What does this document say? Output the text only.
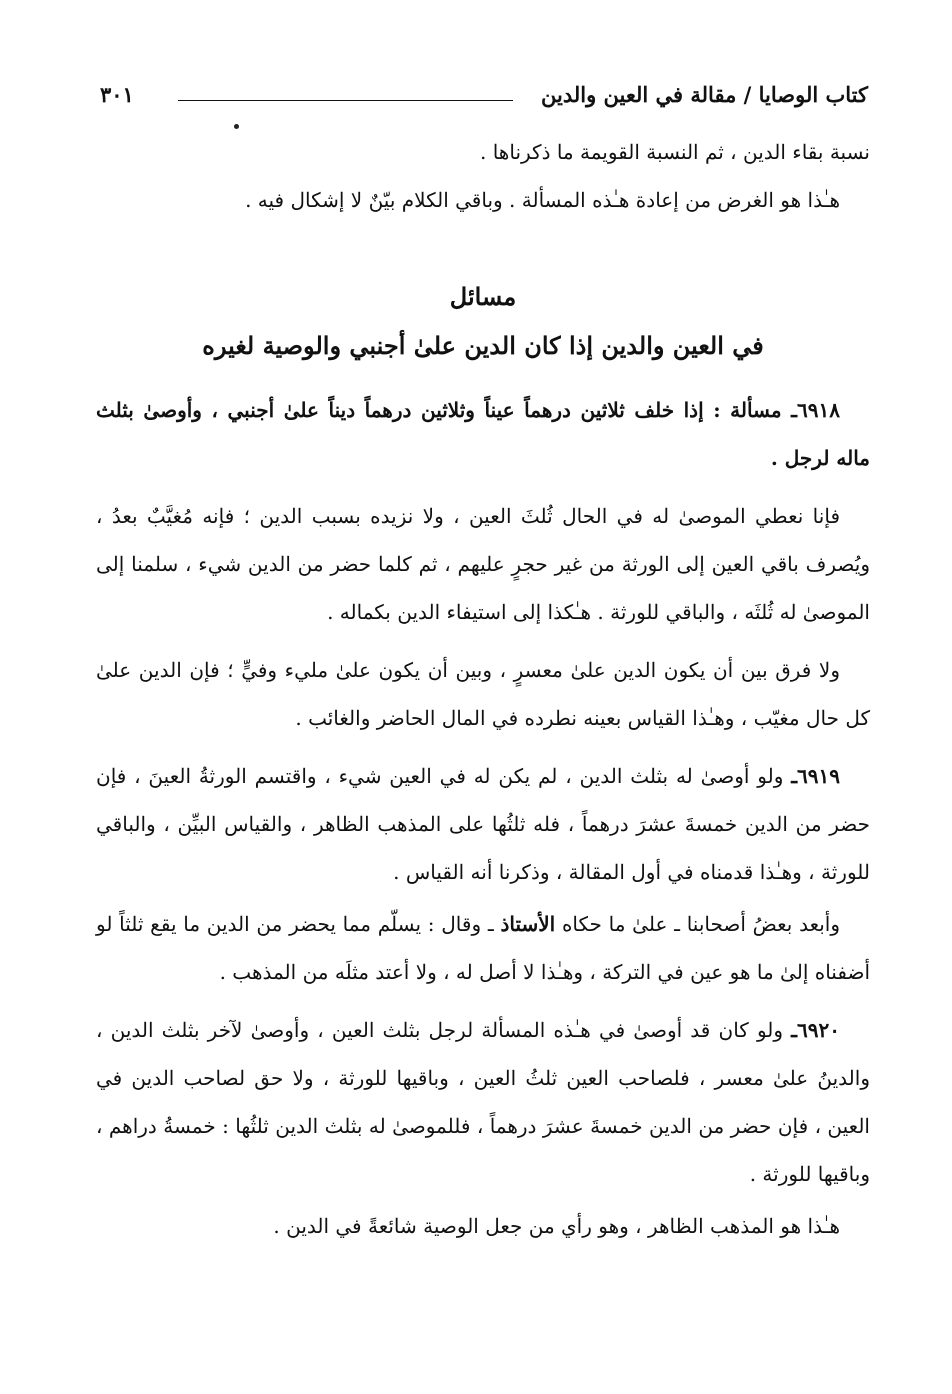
كتاب الوصايا / مقالة في العين والدين
٣٠١

نسبة بقاء الدين ، ثم النسبة القويمة ما ذكرناها .

هـٰذا هو الغرض من إعادة هـٰذه المسألة . وباقي الكلام بيّنٌ لا إشكال فيه .

مسائل
في العين والدين إذا كان الدين علىٰ أجنبي والوصية لغيره

٦٩١٨ـ مسألة : إذا خلف ثلاثين درهماً عيناً وثلاثين درهماً ديناً علىٰ أجنبي ، وأوصىٰ بثلث ماله لرجل .

فإنا نعطي الموصىٰ له في الحال ثُلثَ العين ، ولا نزيده بسبب الدين ؛ فإنه مُغيَّبٌ بعدُ ، ويُصرف باقي العين إلى الورثة من غير حجرٍ عليهم ، ثم كلما حضر من الدين شيء ، سلمنا إلى الموصىٰ له ثُلثَه ، والباقي للورثة . هـٰكذا إلى استيفاء الدين بكماله .

ولا فرق بين أن يكون الدين علىٰ معسرٍ ، وبين أن يكون علىٰ مليء وفيٍّ ؛ فإن الدين علىٰ كل حال مغيّب ، وهـٰذا القياس بعينه نطرده في المال الحاضر والغائب .

٦٩١٩ـ ولو أوصىٰ له بثلث الدين ، لم يكن له في العين شيء ، واقتسم الورثةُ العينَ ، فإن حضر من الدين خمسةَ عشرَ درهماً ، فله ثلثُها على المذهب الظاهر ، والقياس البيِّن ، والباقي للورثة ، وهـٰذا قدمناه في أول المقالة ، وذكرنا أنه القياس .

وأبعد بعضُ أصحابنا ـ علىٰ ما حكاه الأستاذ ـ وقال : يسلّم مما يحضر من الدين ما يقع ثلثاً لو أضفناه إلىٰ ما هو عين في التركة ، وهـٰذا لا أصل له ، ولا أعتد مثلَه من المذهب .

٦٩٢٠ـ ولو كان قد أوصىٰ في هـٰذه المسألة لرجل بثلث العين ، وأوصىٰ لآخر بثلث الدين ، والدينُ علىٰ معسر ، فلصاحب العين ثلثُ العين ، وباقيها للورثة ، ولا حق لصاحب الدين في العين ، فإن حضر من الدين خمسةَ عشرَ درهماً ، فللموصىٰ له بثلث الدين ثلثُها : خمسةُ دراهم ، وباقيها للورثة .

هـٰذا هو المذهب الظاهر ، وهو رأي من جعل الوصية شائعةً في الدين .
